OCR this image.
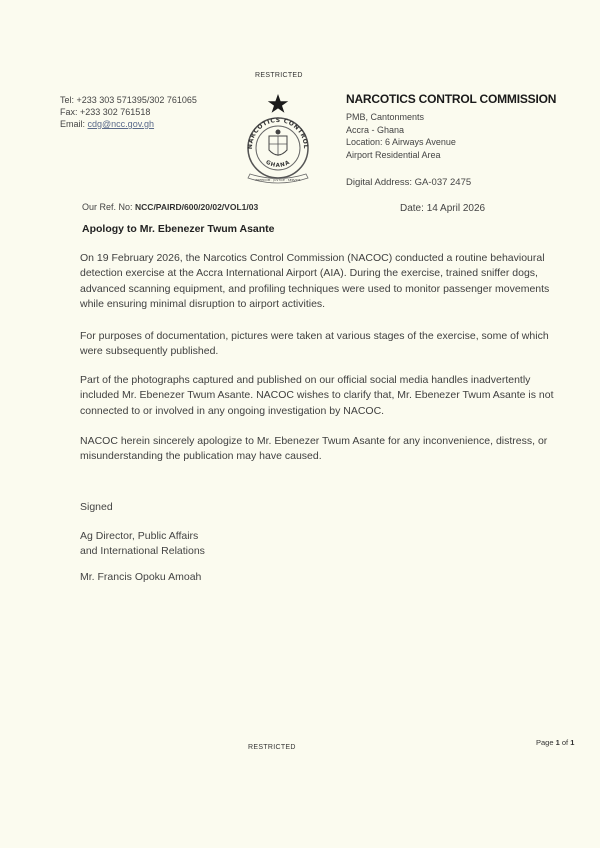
RESTRICTED
Tel: +233 303 571395/302 761065
Fax: +233 302 761518
Email: cdg@ncc.gov.gh
NARCOTICS CONTROL
GHANA
FREEDOM · JUSTICE · SERVICE
NARCOTICS CONTROL COMMISSION
PMB, Cantonments
Accra - Ghana
Location: 6 Airways Avenue
Airport Residential Area
Digital Address: GA-037 2475
Our Ref. No: NCC/PAIRD/600/20/02/VOL1/03	Date: 14 April 2026
Apology to Mr. Ebenezer Twum Asante

On 19 February 2026, the Narcotics Control Commission (NACOC) conducted a routine behavioural detection exercise at the Accra International Airport (AIA). During the exercise, trained sniffer dogs, advanced scanning equipment, and profiling techniques were used to monitor passenger movements while ensuring minimal disruption to airport activities.

For purposes of documentation, pictures were taken at various stages of the exercise, some of which were subsequently published.

Part of the photographs captured and published on our official social media handles inadvertently included Mr. Ebenezer Twum Asante. NACOC wishes to clarify that, Mr. Ebenezer Twum Asante is not connected to or involved in any ongoing investigation by NACOC.

NACOC herein sincerely apologize to Mr. Ebenezer Twum Asante for any inconvenience, distress, or misunderstanding the publication may have caused.

Signed
Ag Director, Public Affairs
and International Relations
Mr. Francis Opoku Amoah
Page 1 of 1
RESTRICTED
